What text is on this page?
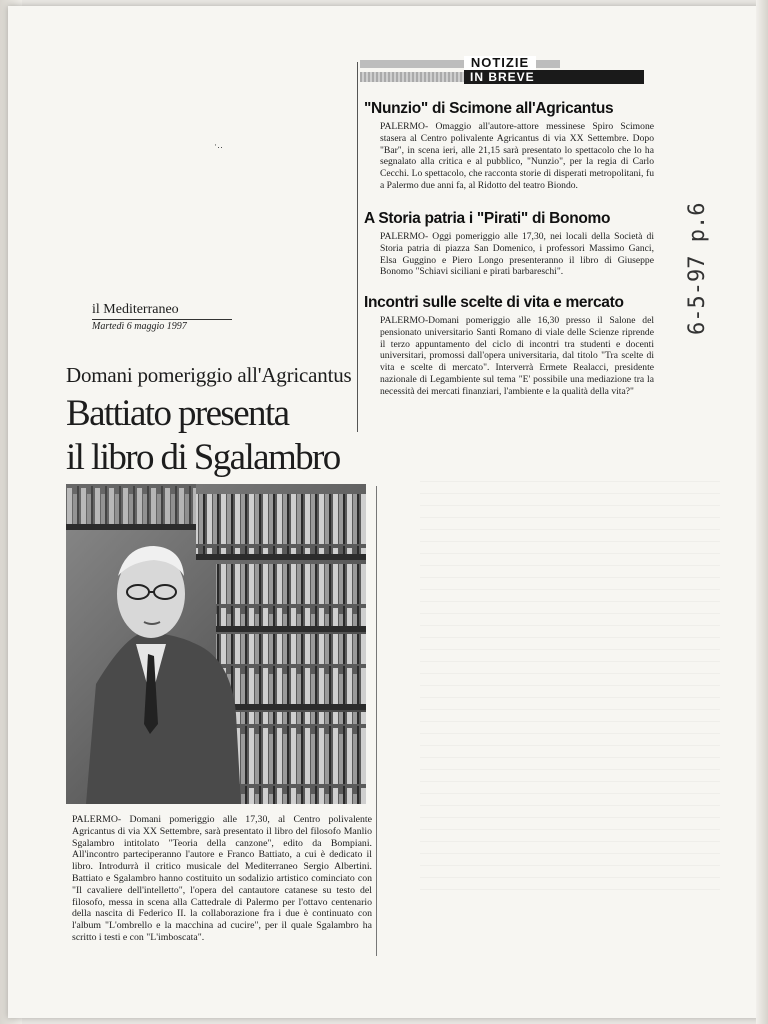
NOTIZIE
IN BREVE
"Nunzio" di Scimone all'Agricantus

PALERMO- Omaggio all'autore-attore messinese Spiro Scimone stasera al Centro polivalente Agricantus di via XX Settembre. Dopo "Bar", in scena ieri, alle 21,15 sarà presentato lo spettacolo che lo ha segnalato alla critica e al pubblico, "Nunzio", per la regia di Carlo Cecchi. Lo spettacolo, che racconta storie di disperati metropolitani, fu a Palermo due anni fa, al Ridotto del teatro Biondo.

A Storia patria i "Pirati" di Bonomo

PALERMO- Oggi pomeriggio alle 17,30, nei locali della Società di Storia patria di piazza San Domenico, i professori Massimo Ganci, Elsa Guggino e Piero Longo presenteranno il libro di Giuseppe Bonomo "Schiavi siciliani e pirati barbareschi".

Incontri sulle scelte di vita e mercato

PALERMO-Domani pomeriggio alle 16,30 presso il Salone del pensionato universitario Santi Romano di viale delle Scienze riprende il terzo appuntamento del ciclo di incontri tra studenti e docenti universitari, promossi dall'opera universitaria, dal titolo "Tra scelte di vita e scelte di mercato". Interverrà Ermete Realacci, presidente nazionale di Legambiente sul tema "E' possibile una mediazione tra la necessità dei mercati finanziari, l'ambiente e la qualità della vita?"

·‥
il Mediterraneo
Martedì 6 maggio 1997
Domani pomeriggio all'Agricantus
Battiato presenta
il libro di Sgalambro
PALERMO- Domani pomeriggio alle 17,30, al Centro polivalente Agricantus di via XX Settembre, sarà presentato il libro del filosofo Manlio Sgalambro intitolato "Teoria della canzone", edito da Bompiani. All'incontro parteciperanno l'autore e Franco Battiato, a cui è dedicato il libro. Introdurrà il critico musicale del Mediterraneo Sergio Albertini. Battiato e Sgalambro hanno costituito un sodalizio artistico cominciato con "Il cavaliere dell'intelletto", l'opera del cantautore catanese su testo del filosofo, messa in scena alla Cattedrale di Palermo per l'ottavo centenario della nascita di Federico II. la collaborazione fra i due è continuato con l'album "L'ombrello e la macchina ad cucire", per il quale Sgalambro ha scritto i testi e con "L'imboscata".
6-5-97 p.6
